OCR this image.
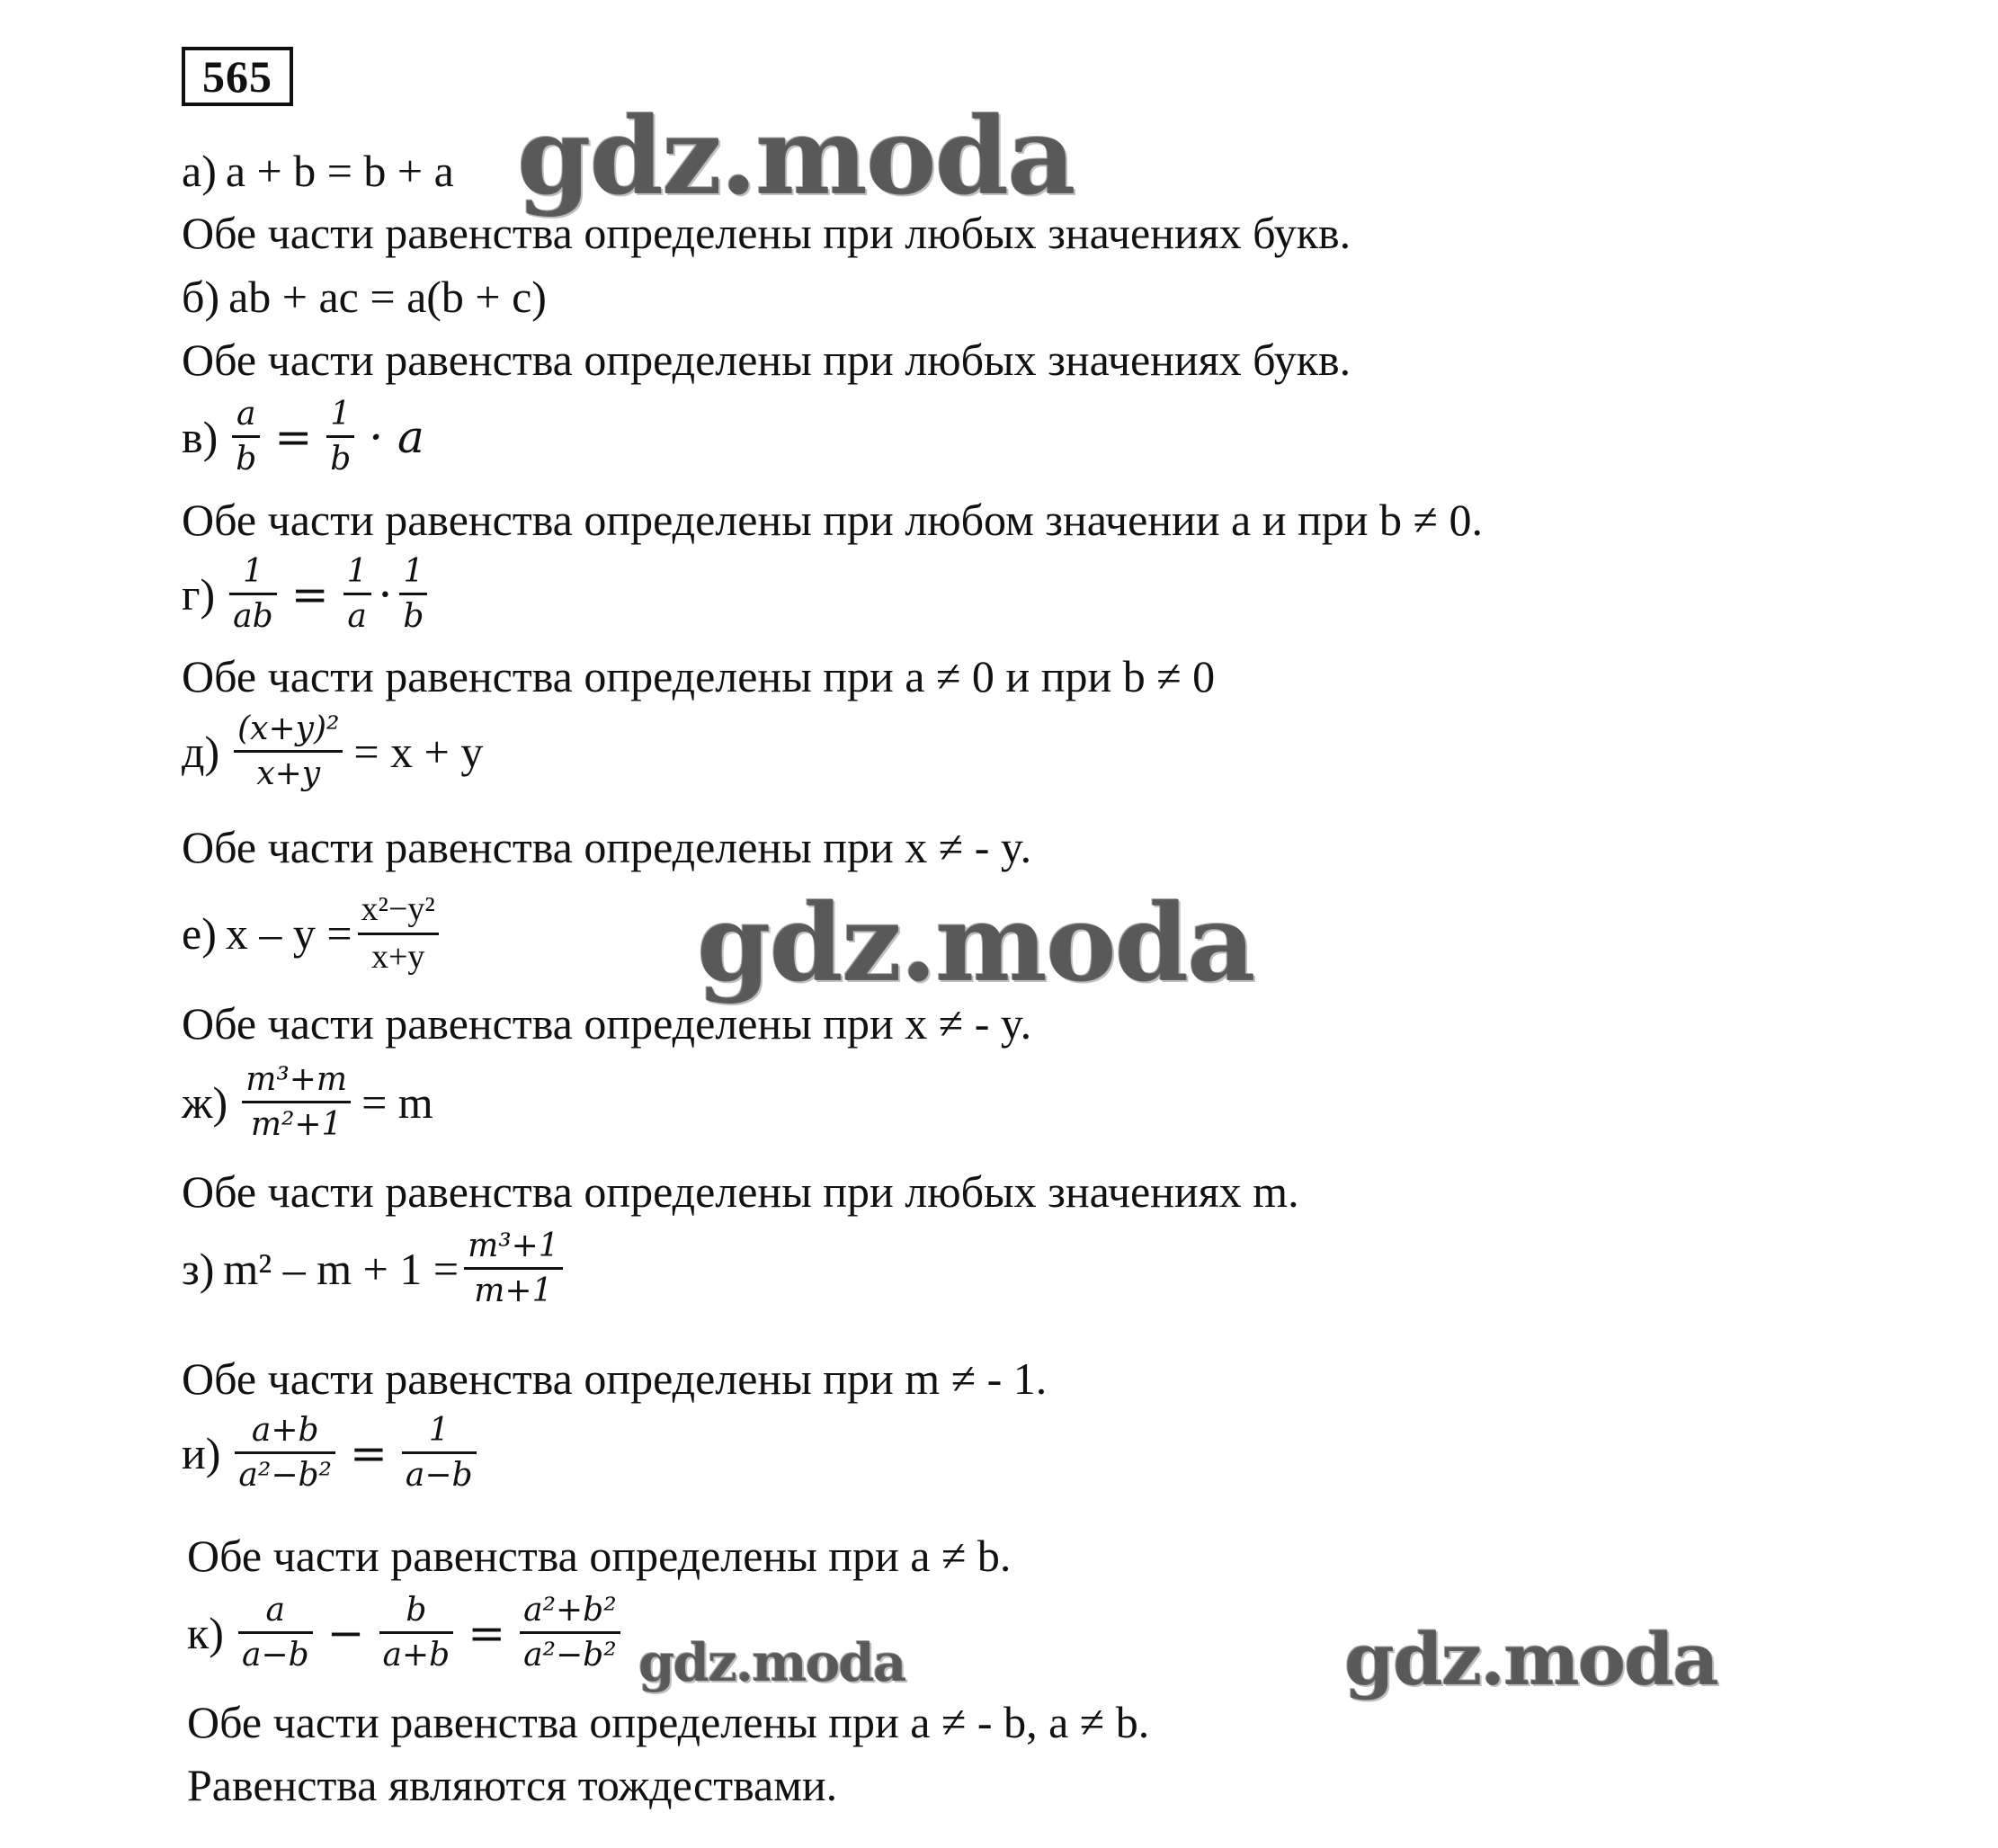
565
а) a + b = b + a
Обе части равенства определены при любых значениях букв.
б) ab + ac = a(b + c)
Обе части равенства определены при любых значениях букв.
$в) \frac{a}{b} = \frac{1}{b} \cdot a$
Обе части равенства определены при любом значении a и при b ≠ 0.
$г) \frac{1}{ab} = \frac{1}{a} \cdot \frac{1}{b}$
Обе части равенства определены при a ≠ 0 и при b ≠ 0
$д) \frac{\text{(x+y)²}}{x+y} = x + y$
Обе части равенства определены при x ≠ - y.
е) $x - y = \frac{\text{x²−y²}}{x+y}$
Обе части равенства определены при x ≠ - y.
$ж) \frac{\text{m³+m}}{\text{m²+1}} = m$
Обе части равенства определены при любых значениях m.
з) $m^2 - m + 1 = \frac{\text{m³+1}}{m+1}$
Обе части равенства определены при m ≠ - 1.
$и) \frac{a+b}{\text{a²−b²}} = \frac{1}{a-b}$
Обе части равенства определены при a ≠ b.
$к) \frac{a}{a-b} - \frac{b}{a+b} = \frac{\text{a²+b²}}{\text{a²−b²}}$
Обе части равенства определены при a ≠ - b, a ≠ b.
Равенства являются тождествами.
gdz.moda
gdz.moda
gdz.moda	gdz.moda
